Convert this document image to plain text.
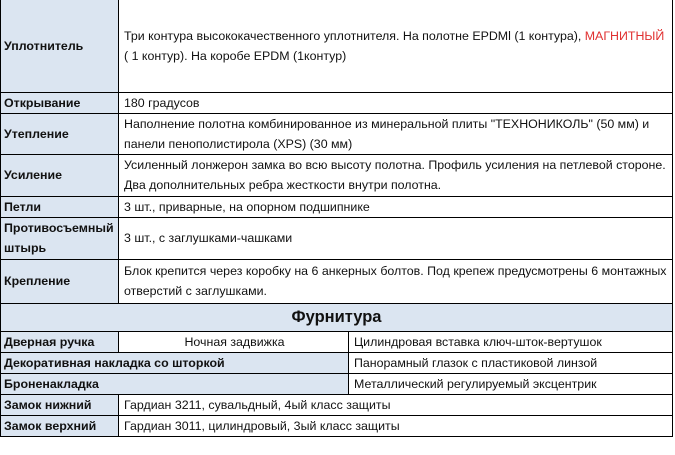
Уплотнитель	Три контура высококачественного уплотнителя. На полотне EPDMl (1 контура), МАГНИТНЫЙ ( 1 контур). На коробе EPDM (1контур)	
Открывание	180 градусов	
Утепление	Наполнение полотна комбинированное из минеральной плиты "ТЕХНОНИКОЛЬ" (50 мм) и панели пенополистирола (XPS) (30 мм)	
Усиление	Усиленный лонжерон замка во всю высоту полотна. Профиль усиления на петлевой стороне. Два дополнительных ребра жесткости внутри полотна.	
Петли	3 шт., приварные, на опорном подшипнике	
Противосъемный штырь	3 шт., с заглушками-чашками	
Крепление	Блок крепится через коробку на 6 анкерных болтов. Под крепеж предусмотрены 6 монтажных отверстий с заглушками.	
Фурнитура		
Дверная ручка	Ночная задвижка	Цилиндровая вставка ключ-шток-вертушок
Декоративная накладка со шторкой		Панорамный глазок с пластиковой линзой
Броненакладка		Металлический регулируемый эксцентрик
Замок нижний	Гардиан 3211, сувальдный, 4ый класс защиты	
Замок верхний	Гардиан 3011, цилиндровый, 3ый класс защиты	
